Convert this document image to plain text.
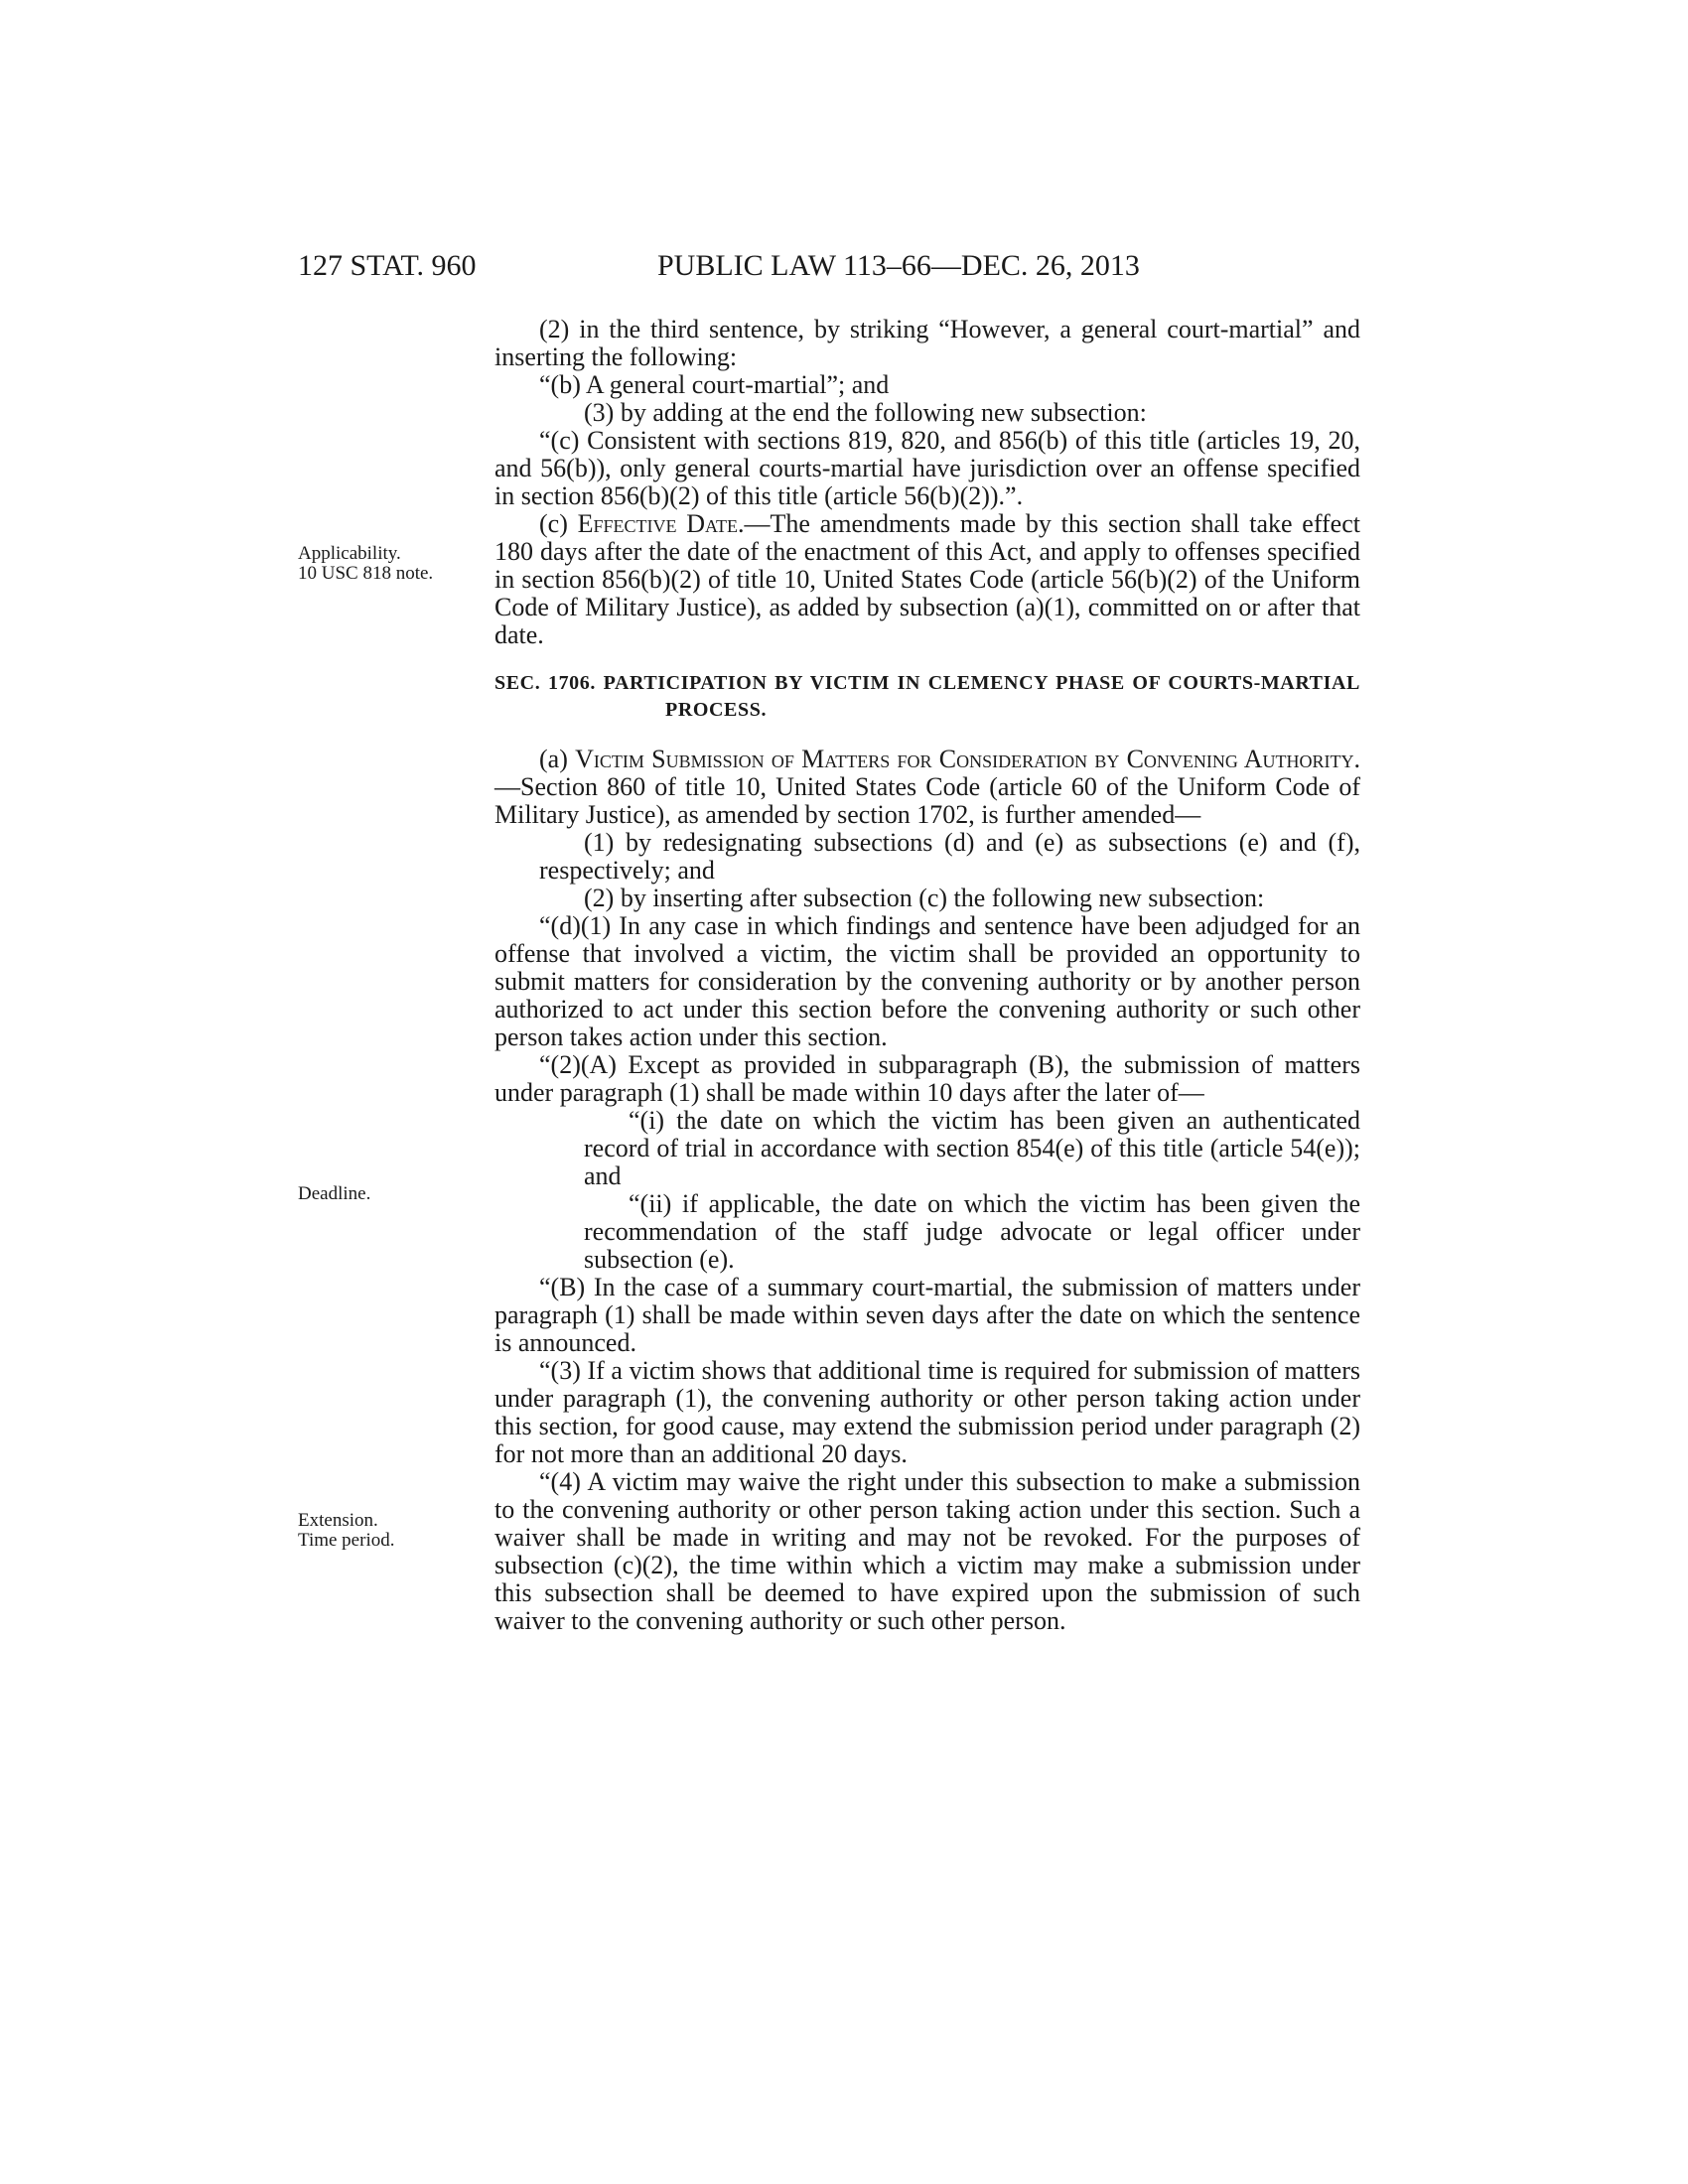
127 STAT. 960	PUBLIC LAW 113–66—DEC. 26, 2013
Applicability.
10 USC 818 note.
Deadline.
Extension.
Time period.

(2) in the third sentence, by striking “However, a general court-martial” and inserting the following:

“(b) A general court-martial”; and

(3) by adding at the end the following new subsection:

“(c) Consistent with sections 819, 820, and 856(b) of this title (articles 19, 20, and 56(b)), only general courts-martial have jurisdiction over an offense specified in section 856(b)(2) of this title (article 56(b)(2)).”.

(c) Effective Date.—The amendments made by this section shall take effect 180 days after the date of the enactment of this Act, and apply to offenses specified in section 856(b)(2) of title 10, United States Code (article 56(b)(2) of the Uniform Code of Military Justice), as added by subsection (a)(1), committed on or after that date.

SEC. 1706. PARTICIPATION BY VICTIM IN CLEMENCY PHASE OF COURTS-MARTIAL PROCESS.

(a) Victim Submission of Matters for Consideration by Convening Authority.—Section 860 of title 10, United States Code (article 60 of the Uniform Code of Military Justice), as amended by section 1702, is further amended—

(1) by redesignating subsections (d) and (e) as subsections (e) and (f), respectively; and

(2) by inserting after subsection (c) the following new subsection:

“(d)(1) In any case in which findings and sentence have been adjudged for an offense that involved a victim, the victim shall be provided an opportunity to submit matters for consideration by the convening authority or by another person authorized to act under this section before the convening authority or such other person takes action under this section.

“(2)(A) Except as provided in subparagraph (B), the submission of matters under paragraph (1) shall be made within 10 days after the later of—

“(i) the date on which the victim has been given an authenticated record of trial in accordance with section 854(e) of this title (article 54(e)); and

“(ii) if applicable, the date on which the victim has been given the recommendation of the staff judge advocate or legal officer under subsection (e).

“(B) In the case of a summary court-martial, the submission of matters under paragraph (1) shall be made within seven days after the date on which the sentence is announced.

“(3) If a victim shows that additional time is required for submission of matters under paragraph (1), the convening authority or other person taking action under this section, for good cause, may extend the submission period under paragraph (2) for not more than an additional 20 days.

“(4) A victim may waive the right under this subsection to make a submission to the convening authority or other person taking action under this section. Such a waiver shall be made in writing and may not be revoked. For the purposes of subsection (c)(2), the time within which a victim may make a submission under this subsection shall be deemed to have expired upon the submission of such waiver to the convening authority or such other person.
